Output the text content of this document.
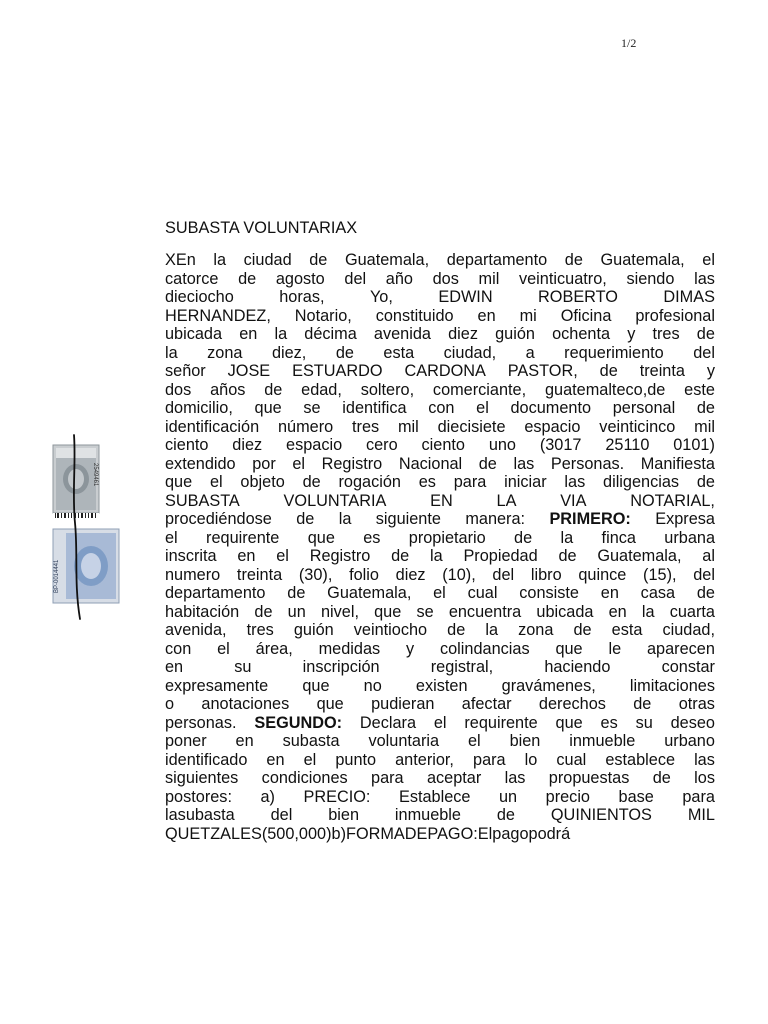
1/2
SUBASTA VOLUNTARIAX
XEn la ciudad de Guatemala, departamento de Guatemala, el
catorce de agosto del año dos mil veinticuatro, siendo las
dieciocho	horas,	Yo,	EDWIN	ROBERTO	DIMAS
HERNANDEZ, Notario, constituido en mi Oficina profesional
ubicada en la décima avenida diez guión ochenta y tres de
la zona diez, de esta ciudad, a requerimiento del
señor JOSE ESTUARDO CARDONA PASTOR, de treinta y
dos años de edad, soltero, comerciante, guatemalteco,de este
domicilio, que se identifica con el documento personal de
identificación número tres mil diecisiete espacio veinticinco mil
ciento diez espacio cero ciento uno (3017 25110 0101)
extendido por el Registro Nacional de las Personas. Manifiesta
que el objeto de rogación es para iniciar las diligencias de
SUBASTA	VOLUNTARIA	EN	LA	VIA	NOTARIAL,
procediéndose de la siguiente manera: PRIMERO: Expresa
el requirente que es propietario de la finca urbana
inscrita en el Registro de la Propiedad de Guatemala, al
numero treinta (30), folio diez (10), del libro quince (15), del
departamento de Guatemala, el cual consiste en casa de
habitación de un nivel, que se encuentra ubicada en la cuarta
avenida, tres guión veintiocho de la zona de esta ciudad,
con el área, medidas y colindancias que le aparecen
en	su	inscripción	registral,	haciendo	constar
expresamente que no existen gravámenes, limitaciones
o anotaciones que pudieran afectar derechos de otras
personas. SEGUNDO: Declara el requirente que es su deseo
poner en subasta voluntaria el bien inmueble urbano
identificado en el punto anterior, para lo cual establece las
siguientes condiciones para aceptar las propuestas de los
postores: a) PRECIO: Establece un precio base para
lasubasta del bien inmueble de QUINIENTOS MIL
QUETZALES (500,000) b) FORMA DE PAGO: El pago podrá
2549461
BP-0014441
